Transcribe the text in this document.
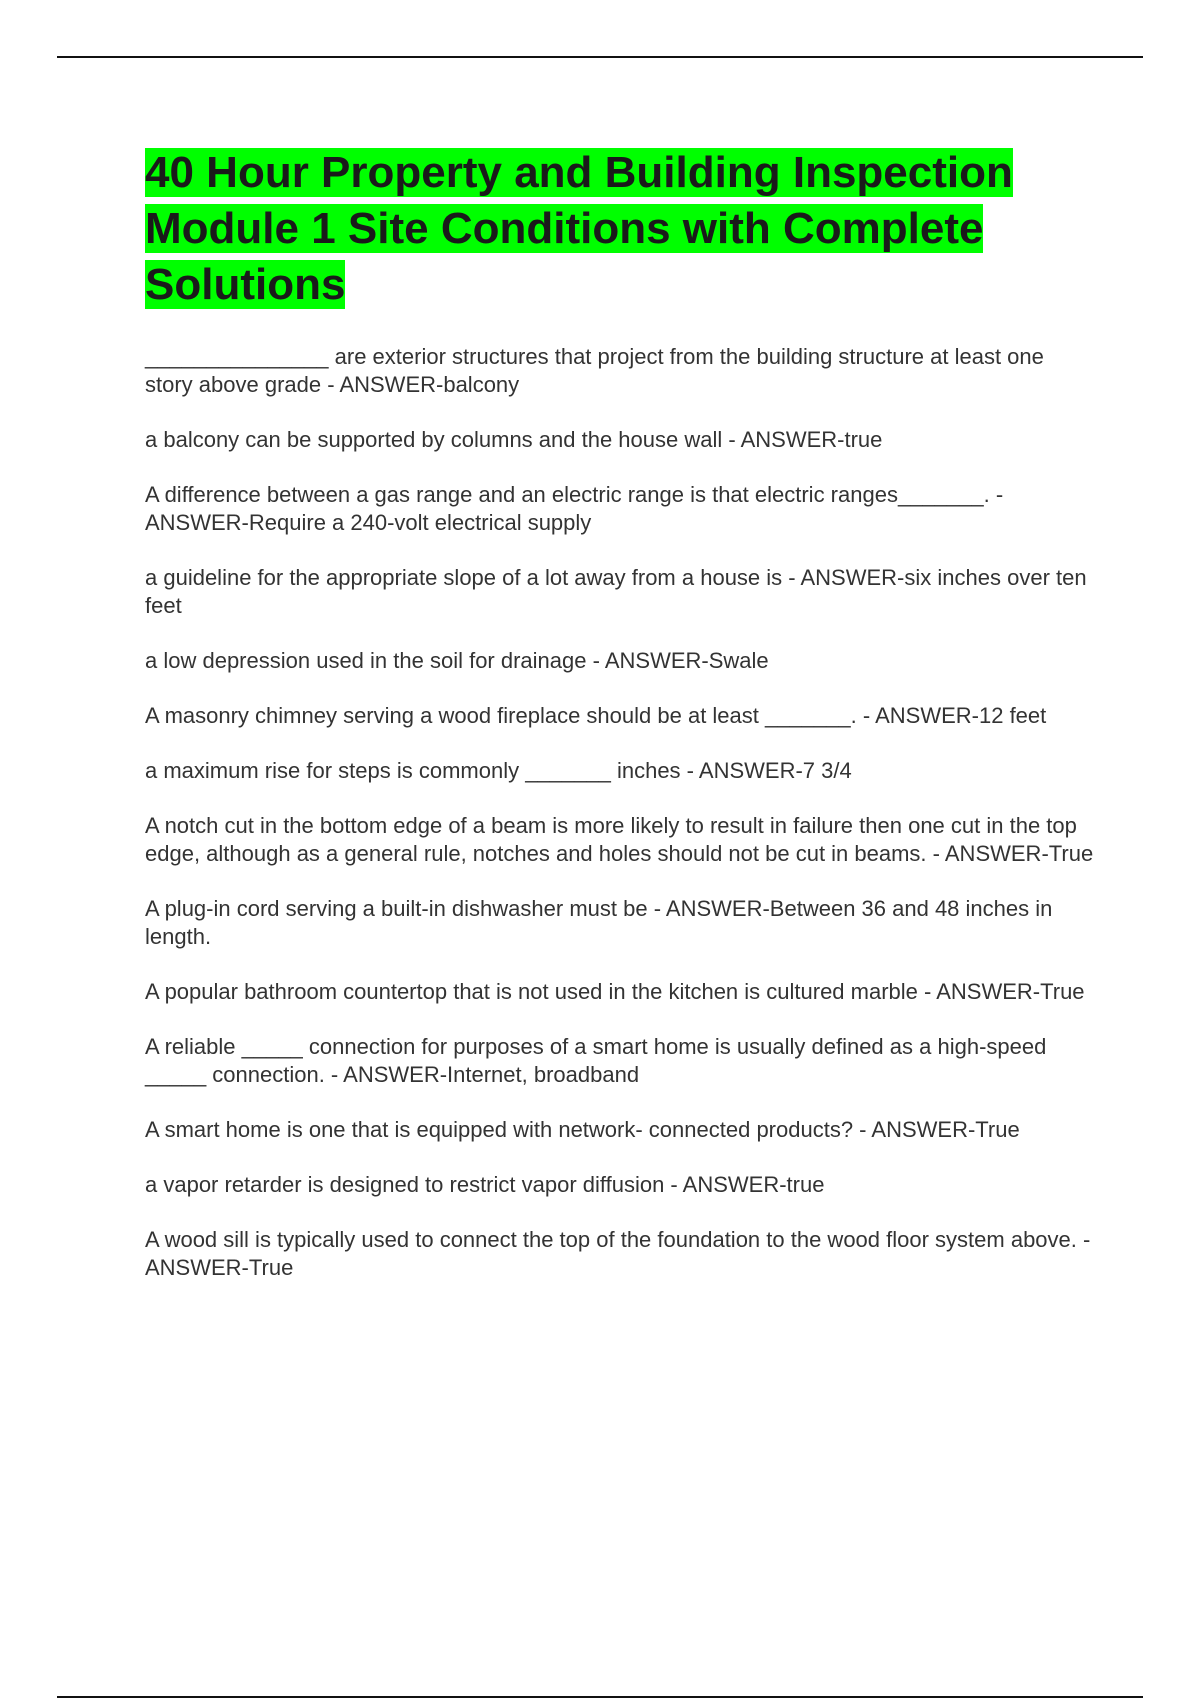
40 Hour Property and Building Inspection Module 1 Site Conditions with Complete Solutions
_______________ are exterior structures that project from the building structure at least one story above grade - ANSWER-balcony
a balcony can be supported by columns and the house wall - ANSWER-true
A difference between a gas range and an electric range is that electric ranges_______. - ANSWER-Require a 240-volt electrical supply
a guideline for the appropriate slope of a lot away from a house is - ANSWER-six inches over ten feet
a low depression used in the soil for drainage - ANSWER-Swale
A masonry chimney serving a wood fireplace should be at least _______. - ANSWER-12 feet
a maximum rise for steps is commonly _______ inches - ANSWER-7 3/4
A notch cut in the bottom edge of a beam is more likely to result in failure then one cut in the top edge, although as a general rule, notches and holes should not be cut in beams. - ANSWER-True
A plug-in cord serving a built-in dishwasher must be - ANSWER-Between 36 and 48 inches in length.
A popular bathroom countertop that is not used in the kitchen is cultured marble - ANSWER-True
A reliable _____ connection for purposes of a smart home is usually defined as a high-speed _____ connection. - ANSWER-Internet, broadband
A smart home is one that is equipped with network- connected products? - ANSWER-True
a vapor retarder is designed to restrict vapor diffusion - ANSWER-true
A wood sill is typically used to connect the top of the foundation to the wood floor system above. - ANSWER-True
